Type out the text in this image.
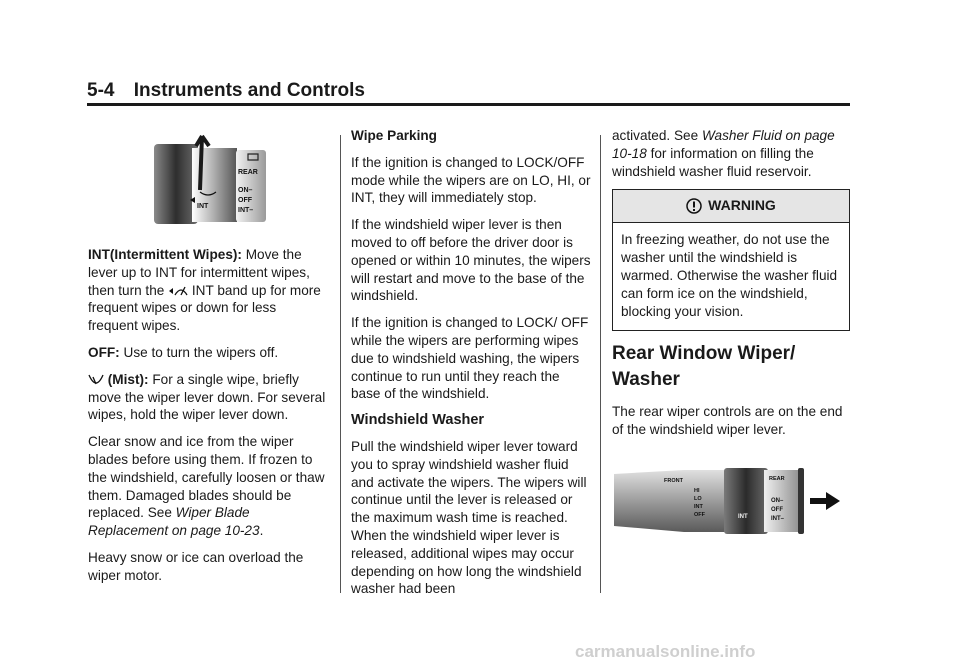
5-4 Instruments and Controls
REAR
ON–
OFF
INT–
INT

INT(Intermittent Wipes): Move the lever up to INT for intermittent wipes, then turn the INT band up for more frequent wipes or down for less frequent wipes.

OFF: Use to turn the wipers off.

(Mist): For a single wipe, briefly move the wiper lever down. For several wipes, hold the wiper lever down.

Clear snow and ice from the wiper blades before using them. If frozen to the windshield, carefully loosen or thaw them. Damaged blades should be replaced. See Wiper Blade Replacement on page 10-23.

Heavy snow or ice can overload the wiper motor.

Wipe Parking

If the ignition is changed to LOCK/OFF mode while the wipers are on LO, HI, or INT, they will immediately stop.

If the windshield wiper lever is then moved to off before the driver door is opened or within 10 minutes, the wipers will restart and move to the base of the windshield.

If the ignition is changed to LOCK/ OFF while the wipers are performing wipes due to windshield washing, the wipers continue to run until they reach the base of the windshield.

Windshield Washer

Pull the windshield wiper lever toward you to spray windshield washer fluid and activate the wipers. The wipers will continue until the lever is released or the maximum wash time is reached. When the windshield wiper lever is released, additional wipes may occur depending on how long the windshield washer had been

activated. See Washer Fluid on page 10-18 for information on filling the windshield washer fluid reservoir.

WARNING

In freezing weather, do not use the washer until the windshield is warmed. Otherwise the washer fluid can form ice on the windshield, blocking your vision.

Rear Window Wiper/ Washer

The rear wiper controls are on the end of the windshield wiper lever.

FRONT
HI
LO
INT
OFF
REAR
ON–
OFF
INT–
INT
carmanualsonline.info
